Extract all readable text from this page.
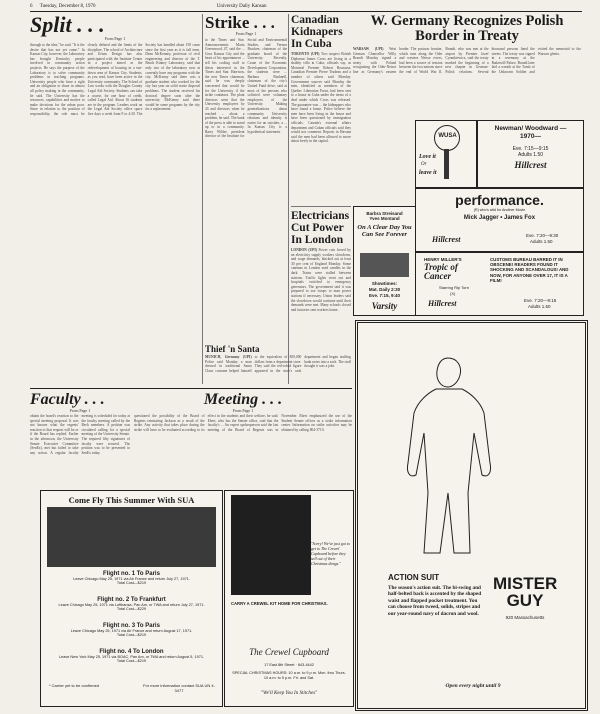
6 Tuesday, December 8, 1970	University Daily Kansan
Split . . .
From Page 1
through to the idea," he said. "It is the desire that has not yet come." In Kansas City, however, the Laboratory has brought Kentucky people involved in community action projects. He says the purpose of the Laboratory is to solve community problems in teaching programs. University people who have a right and an obligation to share in almost all policy making in the community, he said. The University has the resources, capabilities and motive to make decisions for the urban poor. Since in relation to the position of responsibility, the role must be clearly defined and the limits of the discipline. The school of Architecture and Urban Design has also participated with the Institute Center in a project aimed at the redevelopment of housing in a run-down area of Kansas City. Students, as you read, have been active in the University community. The School of Law works with the Douglas County Legal Aid Society. Students can take a course, for one hour of credit, called Legal Aid. About 16 students are in the program. Leaders work on the Legal Aid Society office space five days a week from 9 to 4:30. The Society has handled about 150 cases since the first year as it is fall term. Dean McKenney, professor of civil engineering and director of the T. Beach Kinney Laboratory, said that only two of the laboratory now at currently have any programs with the city. McKenny said there was a graduate student who worked for the city last year on solid waste disposal problems. The student received his doctoral degree soon after the university. McKenny said there would be some programs by the city for a replacement.
Strike . . .
From Page 1
to the Times and Star. Announcements Maria Greenwood, 47, said the ... Goss Kansas City and the heart of his appointment ... tell his cooling staff to thesis interested in the Times and Star. Harrison, the new Times chairman, said he was deeply concerned that would be for the University if the strike continues. The plant directors went that the University employees by 43 and directors when he reached ... about a problem, he said. The bank of the press is able to stand up to in a community. Barry Wilder, president director of the Institute for Social and Environmental Studies, and Vernon Bracken, chairman of the graduate board of the University. Recently, Crane of the Economic Development Corporation, the students were ... Barbara Bushnell, chairman of the city's United Fund drive, said at most of the persons who solicited were voluntary employees of the University. Making generalizations about community University relations and identity is easier for an outsider, a ... In Kansas City is a hypothetical statement.
Canadian Kidnapers In Cuba
TORONTO (UPI) Two suspect British Diplomat James Cross are living in a shabby villa in Cuba, officials say, as Montreal Premier Robert Bourassa, Canadian Premier Pierre Trudeau and a number of others said Monday. Government sources said Monday the men, identified as members of the Quebec Liberation Front, had been sent to a house in Cuba under the terms of a deal under which Cross was released. The guarantee was ... the kidnappers who have found a home. Police believe the men have been living in the house and have been questioned by immigration officials. Canada's external affairs department and Cuban officials said they would not comment. Reports in Havana said the men had been allowed to move about freely in the capital.
Electricians Cut Power In London
LONDON (UPI) Power cuts forced by an electricity supply workers slowdown, and wage demands, blacked out at least 30 per cent of England Monday. Some cinemas in London used candles in the dark. Trains were stalled between stations. Traffic lights went out and hospitals switched to emergency generators. The government said it was prepared to use troops to man power stations if necessary. Union leaders said the slowdown would continue until their demands were met. Many schools closed and factories sent workers home.
Thief 'n Santa
MUNICH, Germany (UPI) Police said Monday a man dressed in traditional Santa Claus costume helped himself to the equivalent of $50,000 dollars from a department store. They said the red-robed figure appeared in the store's cash department and began stuffing bank notes into a sack. The staff thought it was a joke.
Barbra Streisand
Yves Montand
On A Clear Day You Can See Forever
Showtimes:
Mat. Daily 2:30
Eve. 7:15, 9:40
Varsity
W. Germany Recognizes Polish Border in Treaty
WARSAW (UPI) West German Chancellor Willy Brandt Monday signed a treaty with Poland recognizing the Oder-Neisse line as Germany's eastern border. The postwar frontier, which runs along the Oder and western Neisse rivers, had been a source of tension between the two nations since the end of World War II. Brandt, who was met at the airport by Premier Jozef Cyrankiewicz, said the treaty marked the beginning of a new chapter in German-Polish relations. Several thousand persons lined the streets. The treaty was signed in a ceremony at the Radziwill Palace. Brandt later laid a wreath at the Tomb of the Unknown Soldier and visited the memorial to the Warsaw ghetto.
WUSA
Love it
Or
leave it
Newman/ Woodward —1970—
Eve. 7:15—9:15
Adults 1.50
Hillcrest
performance.
(R) who's wild for Another Movie
Mick Jagger • James Fox
Hillcrest	Eve. 7:20—9:30
Adults 1.50
HENRY MILLER'S
Tropic of Cancer
Starring Rip Torn
(X)
Hillcrest
CUSTOMS BUREAU BARRED IT IN OBSCENE! READERS FOUND IT SHOCKING AND SCANDALOUS! AND NOW, FOR ANYONE OVER 17, IT IS A FILM!
Eve. 7:20—9:15
Adults 1.50
Faculty . . .
From Page 1
obtain the board's reaction to the special meeting proposal. It was not known what the regents' reaction to that request will be or if the Board has replied. Earlier in the afternoon, the University Senate Executive Committee (SenEx), met but failed to take any action. A regular faculty meeting is scheduled for today at the faculty meeting called by the Beck members. A petition was circulated calling for a special meeting of the University Senate. The required fifty signatures of faculty were secured. The petition was to be presented to SenEx today.
Meeting . . .
From Page 1
questioned the possibility of the Board of Regents reinstating Jackson as a result of the strike. Any activity that takes place during the strike will have to be evaluated according to its effect in the students and their welfare, he said. Ebert, who has the Senate office, said that the faculty's ... An expert spokesperson said the last meeting of the Board of Regents was in November. Ebert emphasized the use of the Student Senate offices as a strike information center. Information on strike activities may be obtained by calling 864-3710.
Come Fly This Summer With SUA
Flight no. 1 To Paris
Leave Chicago May 25, 1971 via Air France and return July 27, 1971.
Total Cost—$219
Flight no. 2 To Frankfurt
Leave Chicago May 25, 1971 via Lufthansa, Pan Am, or TWA and return July 27, 1971.
Total Cost—$229
Flight no. 3 To Paris
Leave Chicago May 25, 1971 via Air France and return August 17, 1971.
Total Cost—$219
Flight no. 4 To London
Leave New York May 25, 1971 via BOAC, Pan Am, or TWA and return August 5, 1971.
Total Cost—$219
* Carrier yet to be confirmed	For more information contact SUA UN 4-3477
"Sorry! We've just got to get to The Crewel Cupboard before they sell out of their Christmas things."
CARRY A CREWEL KIT HOME FOR CHRISTMAS.
The Crewel Cupboard
17 East 8th Street · 843-4442
SPECIAL CHRISTMAS HOURS: 10 a.m. to 9 p.m. Mon. thru Thurs. 10 a.m. to 5 p.m. Fri. and Sat.
"We'll Keep You In Stitches"
ACTION SUIT
The season's action suit. The bi-swing and half-belted back is accented by the shaped waist and flapped pocket treatment. You can choose from tweed, solids, stripes and our year-round navy of dacron and wool.
MISTER GUY
920 Massachusetts
Open every night until 9
